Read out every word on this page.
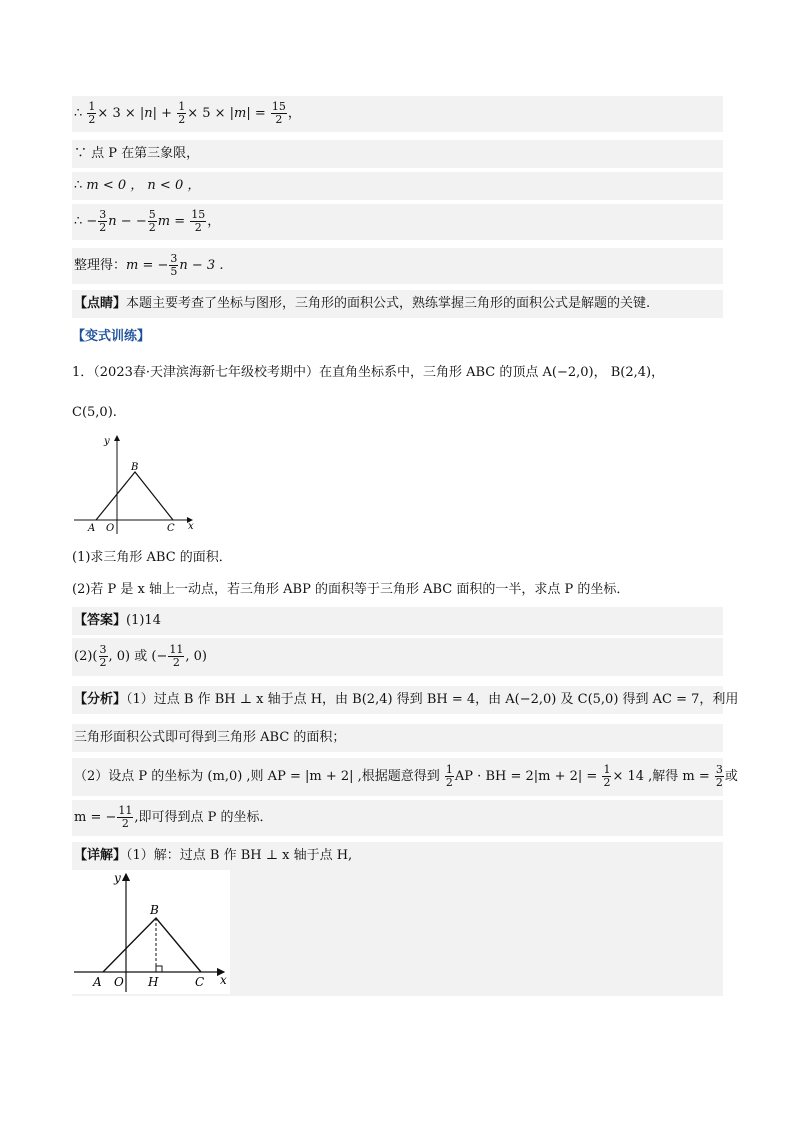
∴ $\frac{1}{2} \times 3 \times |n| + \frac{1}{2} \times 5 \times |m| = \frac{15}{2}$ ，
∵ 点 P 在第三象限，
∴ m < 0 ， n < 0 ，
∴ − $\frac{3}{2}$ n − − $\frac{5}{2}$ $m = \frac{15}{2}$ ，
整理得：m = − $\frac{3}{5}$ n − 3 .
【点睛】本题主要考查了坐标与图形，三角形的面积公式，熟练掌握三角形的面积公式是解题的关键.
【变式训练】
1．（2023春·天津滨海新七年级校考期中）在直角坐标系中，三角形 ABC 的顶点 A(−2,0)， B(2,4)，
C(5,0).
y
x
A O
B
C
(1)求三角形 ABC 的面积．
(2)若 P 是 x 轴上一动点，若三角形 ABP 的面积等于三角形 ABC 面积的一半，求点 P 的坐标．
【答案】(1)14
$(2)( \frac{3}{2}$ , 0) 或 (− $\frac{11}{2}$ , 0)
【分析】（1）过点 B 作 BH ⊥ x 轴于点 H，由 B(2,4) 得到 BH = 4，由 A(−2,0) 及 C(5,0) 得到 AC = 7，利用
三角形面积公式即可得到三角形 ABC 的面积；
（2）设点 P 的坐标为 (m,0) ,则 AP = |m + 2| ,根据题意得到 $\frac{1}{2}$ AP · BH = $2|m + 2| = \frac{1}{2} \times 14$ ,解得 $m = \frac{3}{2}$ 或
m = − $\frac{11}{2}$ ,即可得到点 P 的坐标．
【详解】（1）解：过点 B 作 BH ⊥ x 轴于点 H,
y
x
A O H
B
C
